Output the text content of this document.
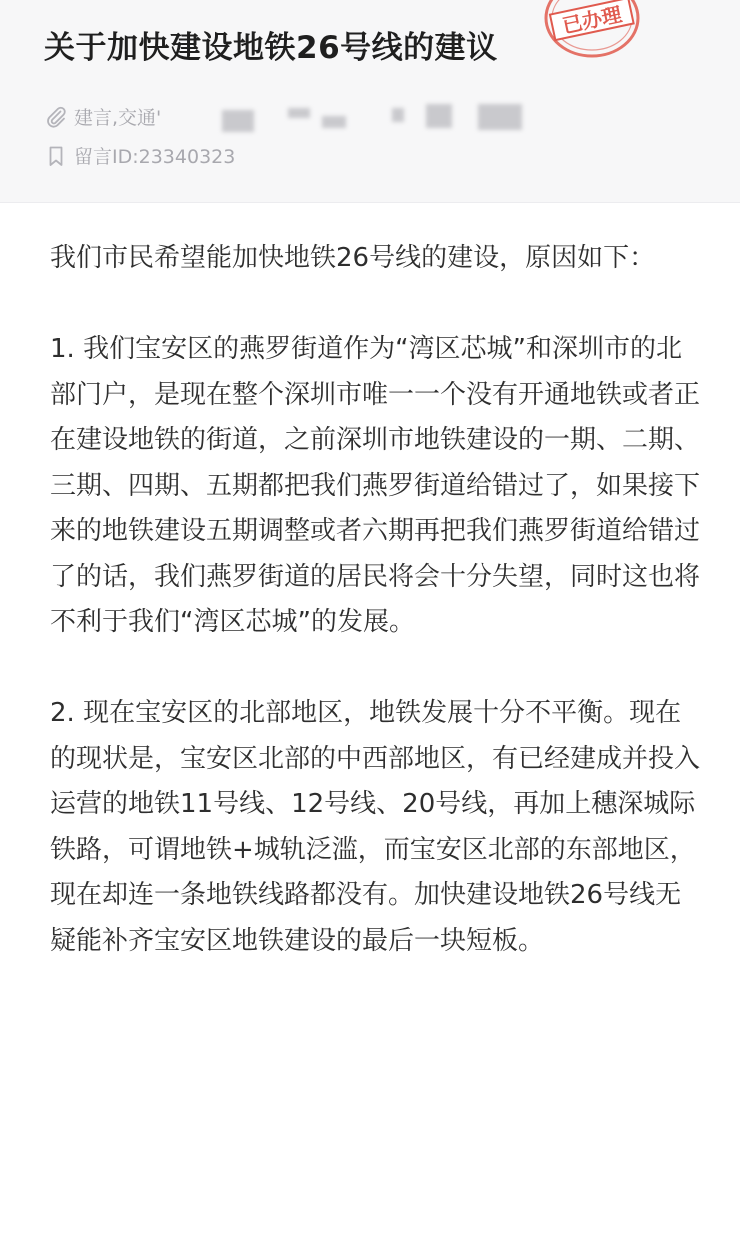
关于加快建设地铁26号线的建议
已办理
建言,交通'
留言ID:23340323

我们市民希望能加快地铁26号线的建设，原因如下：

1. 我们宝安区的燕罗街道作为“湾区芯城”和深圳市的北部门户，是现在整个深圳市唯一一个没有开通地铁或者正在建设地铁的街道，之前深圳市地铁建设的一期、二期、三期、四期、五期都把我们燕罗街道给错过了，如果接下来的地铁建设五期调整或者六期再把我们燕罗街道给错过了的话，我们燕罗街道的居民将会十分失望，同时这也将不利于我们“湾区芯城”的发展。

2. 现在宝安区的北部地区，地铁发展十分不平衡。现在的现状是，宝安区北部的中西部地区，有已经建成并投入运营的地铁11号线、12号线、20号线，再加上穗深城际铁路，可谓地铁+城轨泛滥，而宝安区北部的东部地区，现在却连一条地铁线路都没有。加快建设地铁26号线无疑能补齐宝安区地铁建设的最后一块短板。
